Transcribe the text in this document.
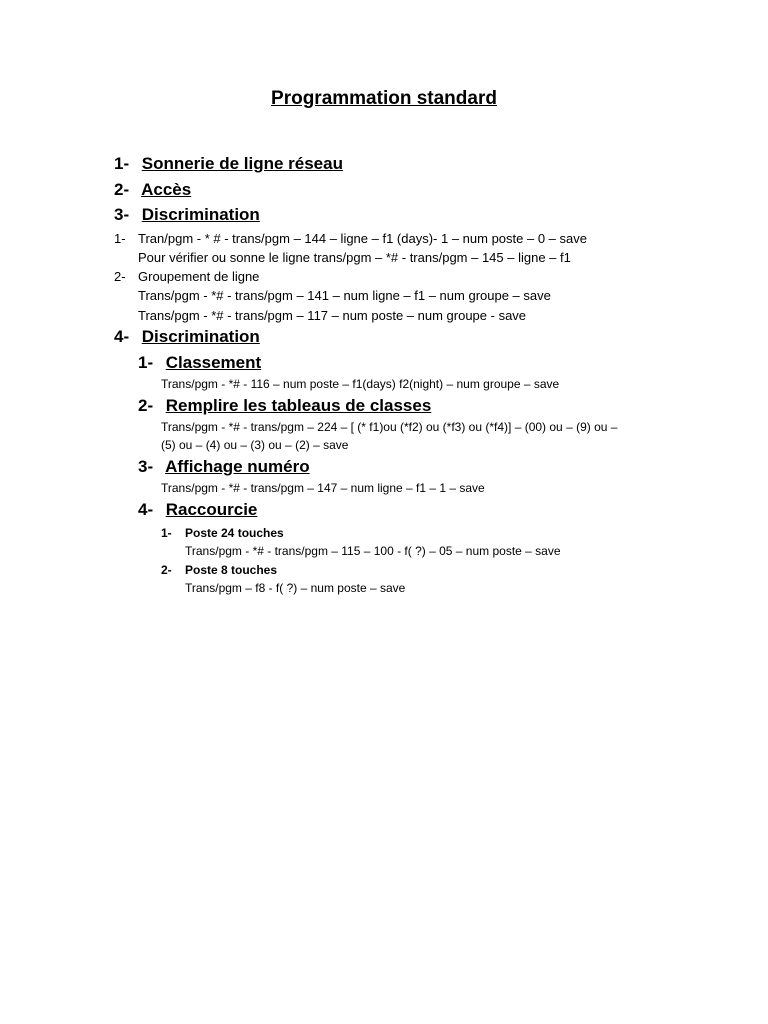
Programmation standard
1- Sonnerie de ligne réseau
2- Accès
3- Discrimination
1- Tran/pgm - * # - trans/pgm – 144 – ligne – f1 (days)- 1 – num poste – 0 – save
Pour vérifier ou sonne le ligne trans/pgm – *# - trans/pgm – 145 – ligne – f1
2- Groupement de ligne
Trans/pgm - *# - trans/pgm – 141 – num ligne – f1 – num groupe – save
Trans/pgm - *# - trans/pgm – 117 – num poste – num groupe - save
4- Discrimination
1- Classement
Trans/pgm - *# - 116 – num poste – f1(days) f2(night) – num groupe – save
2- Remplire les tableaus de classes
Trans/pgm - *# - trans/pgm – 224 – [ (* f1)ou (*f2) ou (*f3) ou (*f4)] – (00) ou – (9) ou –
(5) ou – (4) ou – (3) ou – (2) – save
3- Affichage numéro
Trans/pgm - *# - trans/pgm – 147 – num ligne – f1 – 1 – save
4- Raccourcie
1- Poste 24 touches
Trans/pgm - *# - trans/pgm – 115 – 100 - f( ?) – 05 – num poste – save
2- Poste 8 touches
Trans/pgm – f8 - f( ?) – num poste – save
